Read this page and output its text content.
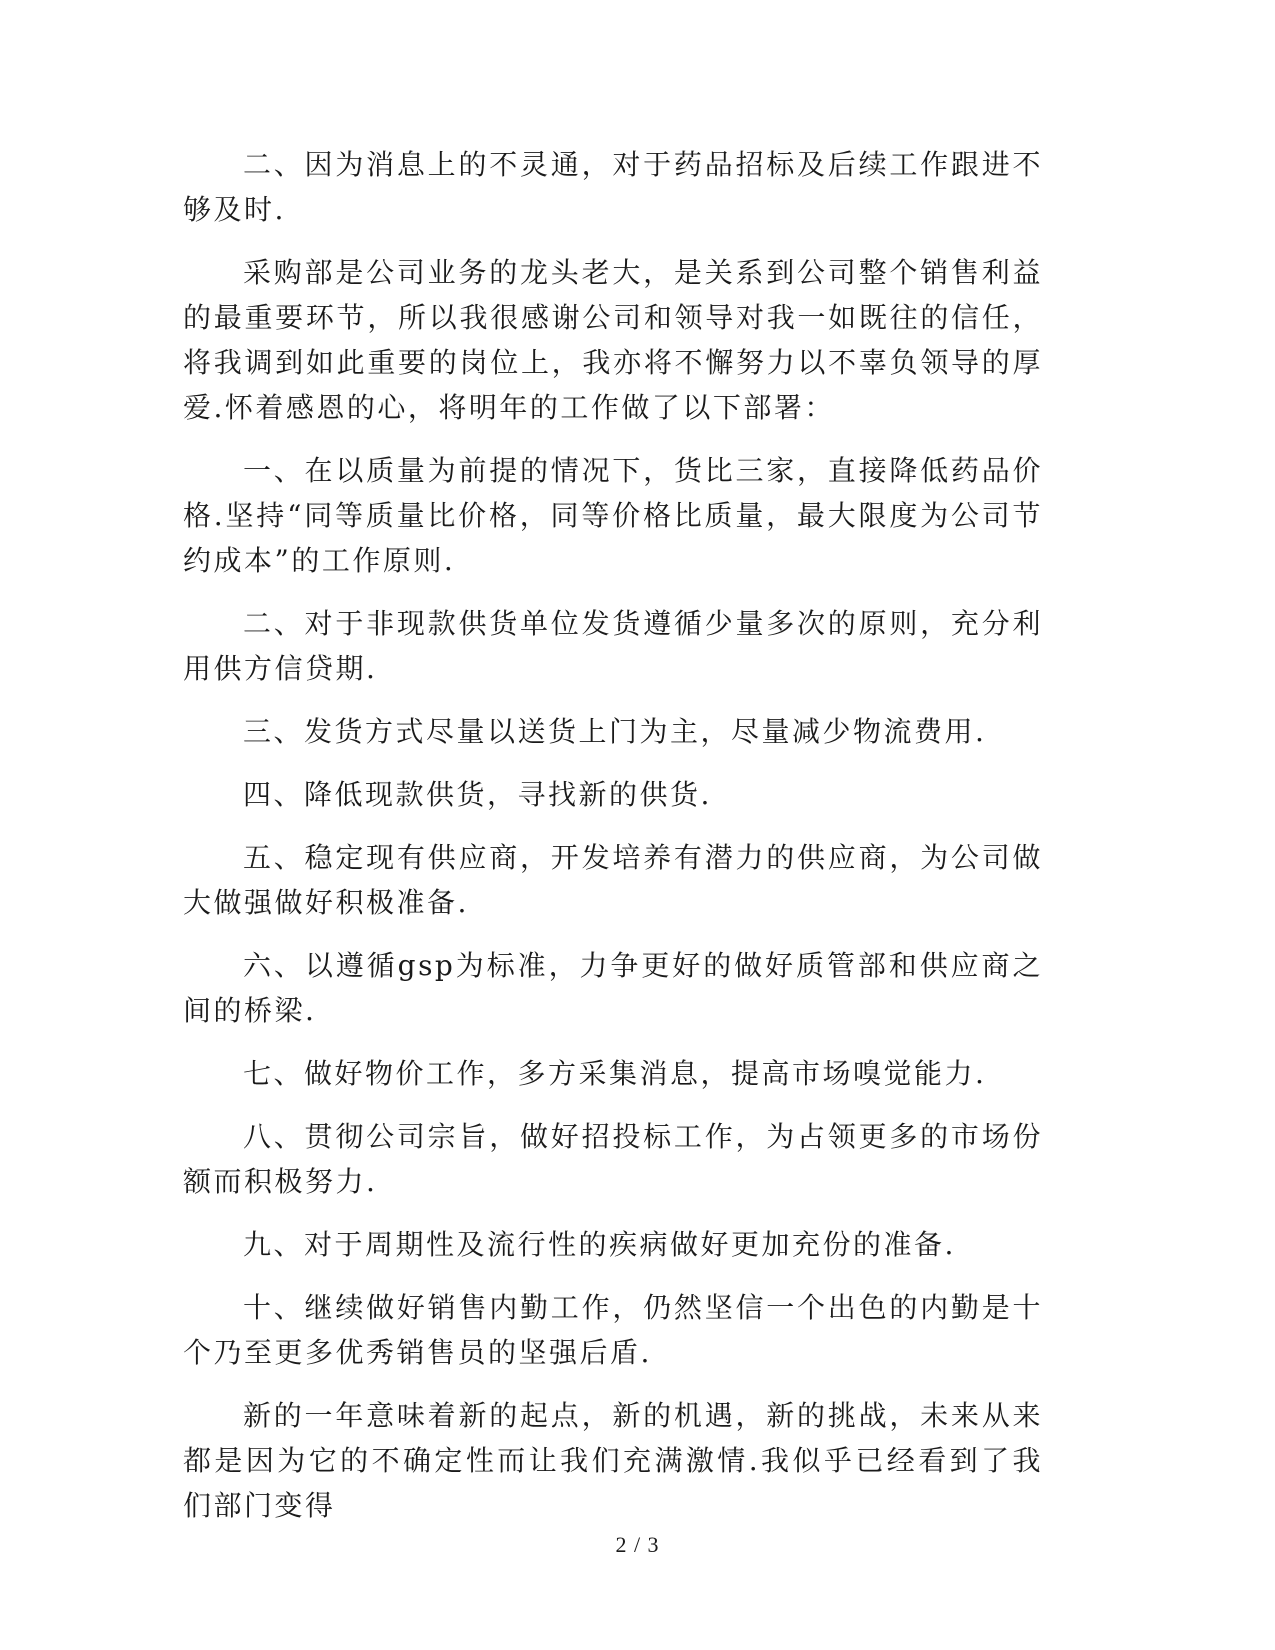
二、因为消息上的不灵通，对于药品招标及后续工作跟进不够及时.

采购部是公司业务的龙头老大，是关系到公司整个销售利益的最重要环节，所以我很感谢公司和领导对我一如既往的信任，将我调到如此重要的岗位上，我亦将不懈努力以不辜负领导的厚爱.怀着感恩的心，将明年的工作做了以下部署：

一、在以质量为前提的情况下，货比三家，直接降低药品价格.坚持“同等质量比价格，同等价格比质量，最大限度为公司节约成本”的工作原则.

二、对于非现款供货单位发货遵循少量多次的原则，充分利用供方信贷期.

三、发货方式尽量以送货上门为主，尽量减少物流费用.

四、降低现款供货，寻找新的供货.

五、稳定现有供应商，开发培养有潜力的供应商，为公司做大做强做好积极准备.

六、以遵循gsp为标准，力争更好的做好质管部和供应商之间的桥梁.

七、做好物价工作，多方采集消息，提高市场嗅觉能力.

八、贯彻公司宗旨，做好招投标工作，为占领更多的市场份额而积极努力.

九、对于周期性及流行性的疾病做好更加充份的准备.

十、继续做好销售内勤工作，仍然坚信一个出色的内勤是十个乃至更多优秀销售员的坚强后盾.

新的一年意味着新的起点，新的机遇，新的挑战，未来从来都是因为它的不确定性而让我们充满激情.我似乎已经看到了我们部门变得

2 / 3
